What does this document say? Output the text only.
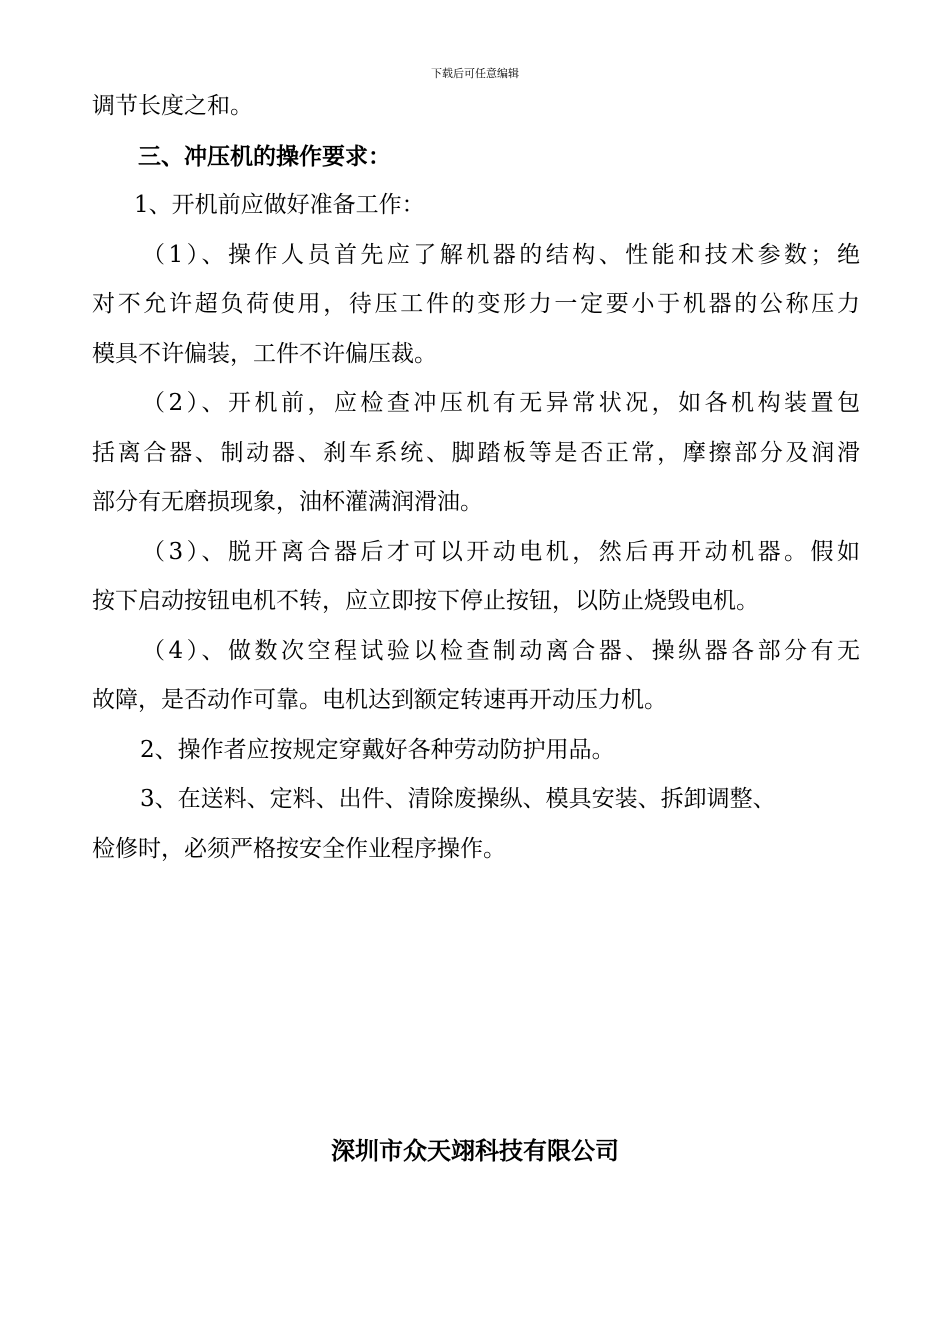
下载后可任意编辑
调节长度之和。
三、冲压机的操作要求：
1、开机前应做好准备工作：
（1）、操作人员首先应了解机器的结构、性能和技术参数；绝
对不允许超负荷使用，待压工件的变形力一定要小于机器的公称压力
模具不许偏装，工件不许偏压裁。
（2）、开机前，应检查冲压机有无异常状况，如各机构装置包
括离合器、制动器、刹车系统、脚踏板等是否正常，摩擦部分及润滑
部分有无磨损现象，油杯灌满润滑油。
（3）、脱开离合器后才可以开动电机，然后再开动机器。假如
按下启动按钮电机不转，应立即按下停止按钮，以防止烧毁电机。
（4）、做数次空程试验以检查制动离合器、操纵器各部分有无
故障，是否动作可靠。电机达到额定转速再开动压力机。
2、操作者应按规定穿戴好各种劳动防护用品。
3、在送料、定料、出件、清除废操纵、模具安装、拆卸调整、
检修时，必须严格按安全作业程序操作。
深圳市众天翊科技有限公司
